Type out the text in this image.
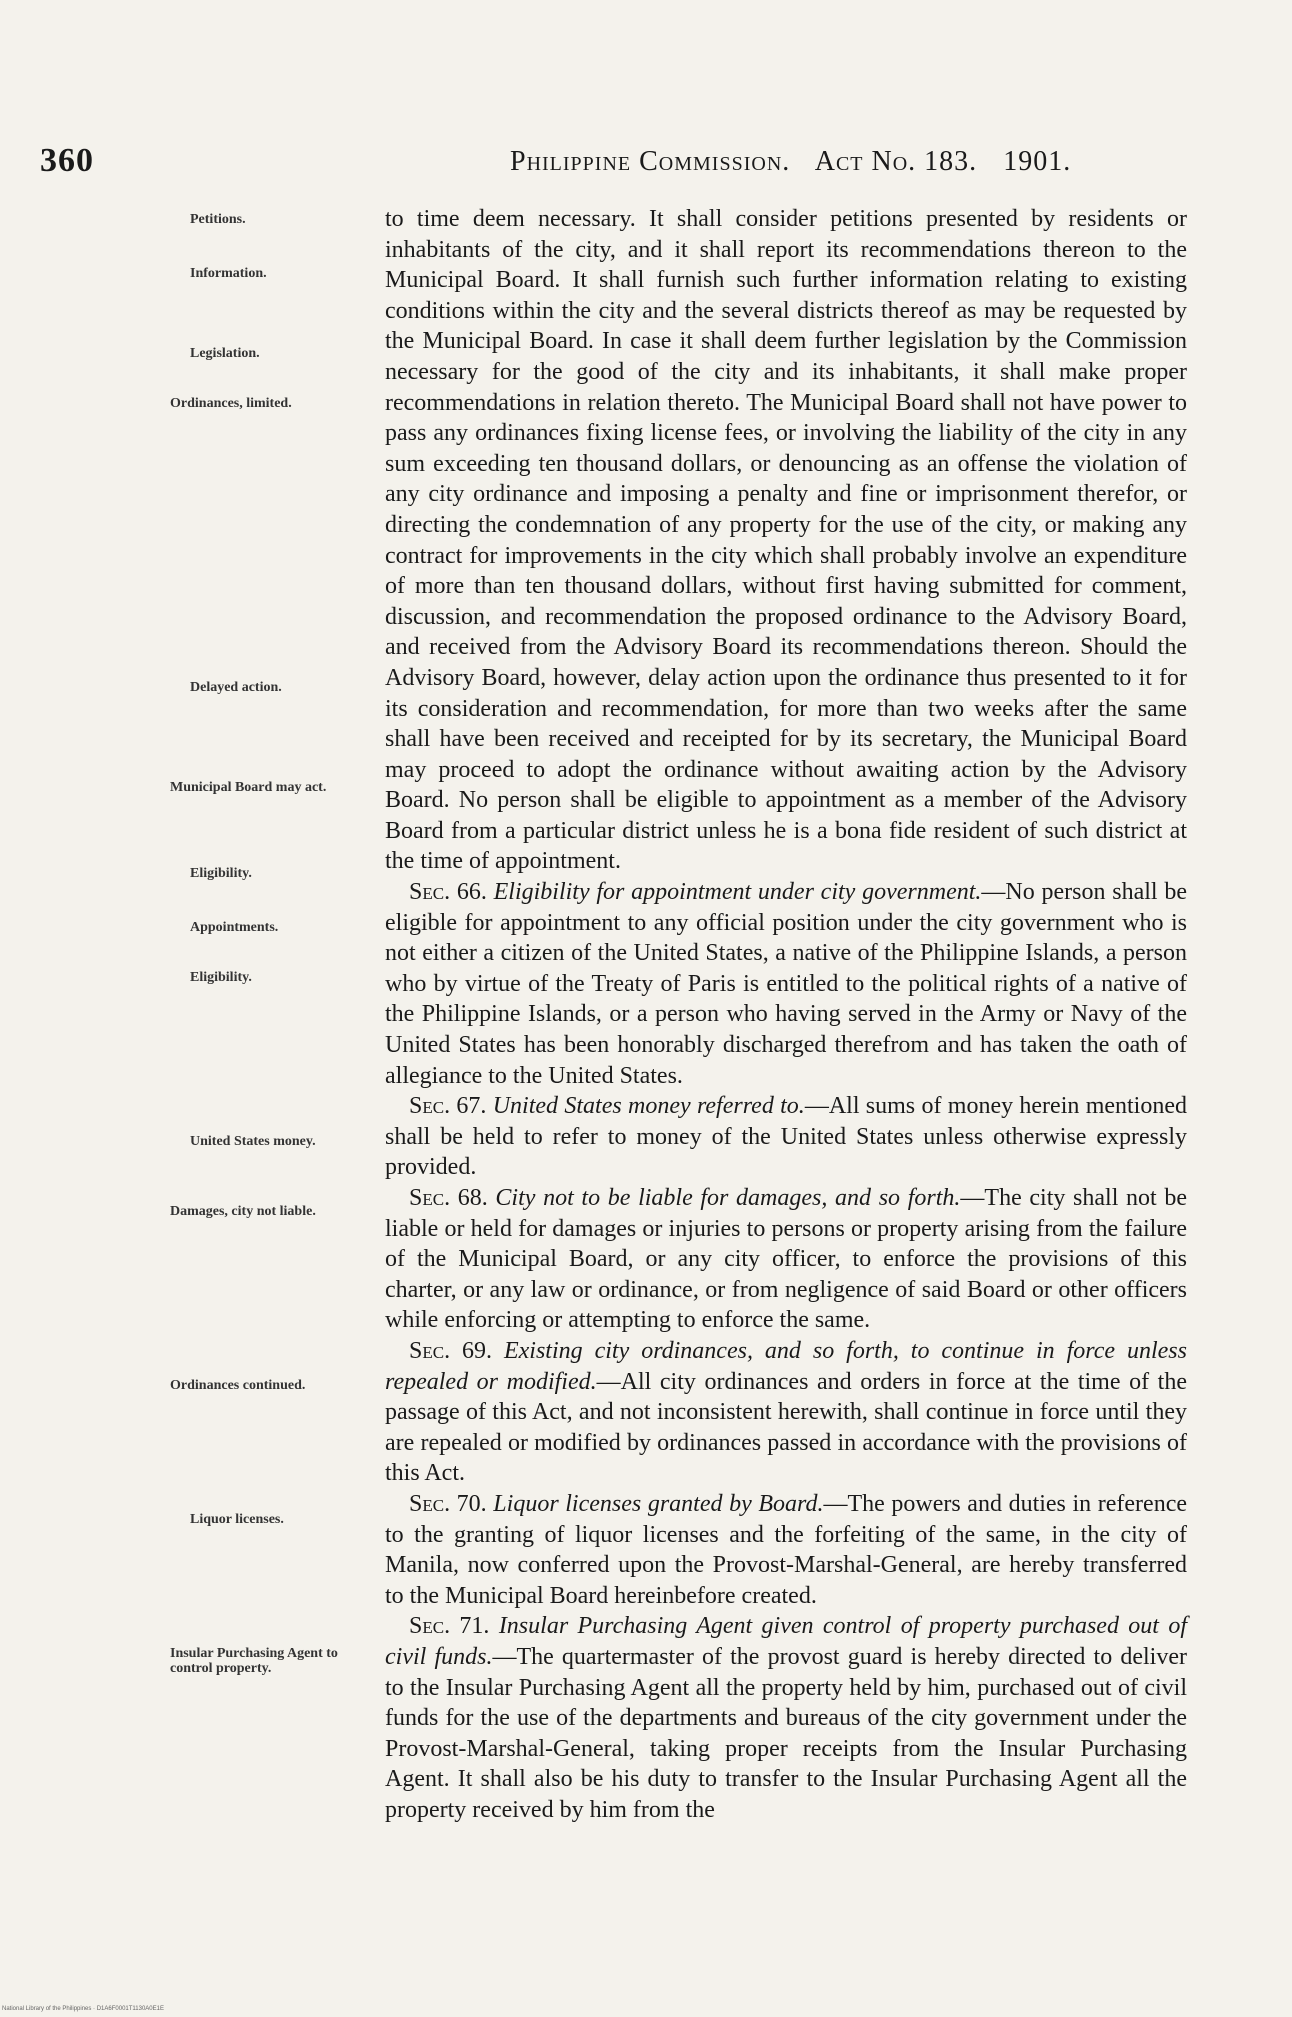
360	Philippine Commission. Act No. 183. 1901.
Petitions.
Information.
Legislation.
Ordinances, limited.
Delayed action.
Municipal Board may act.
Eligibility.
Appointments.
Eligibility.
United States money.
Damages, city not liable.
Ordinances continued.
Liquor licenses.
Insular Purchasing Agent to control property.

to time deem necessary. It shall consider petitions presented by residents or inhabitants of the city, and it shall report its recommendations thereon to the Municipal Board. It shall furnish such further information relating to existing conditions within the city and the several districts thereof as may be requested by the Municipal Board. In case it shall deem further legislation by the Commission necessary for the good of the city and its inhabitants, it shall make proper recommendations in relation thereto. The Municipal Board shall not have power to pass any ordinances fixing license fees, or involving the liability of the city in any sum exceeding ten thousand dollars, or denouncing as an offense the violation of any city ordinance and imposing a penalty and fine or imprisonment therefor, or directing the condemnation of any property for the use of the city, or making any contract for improvements in the city which shall probably involve an expenditure of more than ten thousand dollars, without first having submitted for comment, discussion, and recommendation the proposed ordinance to the Advisory Board, and received from the Advisory Board its recommendations thereon. Should the Advisory Board, however, delay action upon the ordinance thus presented to it for its consideration and recommendation, for more than two weeks after the same shall have been received and receipted for by its secretary, the Municipal Board may proceed to adopt the ordinance without awaiting action by the Advisory Board. No person shall be eligible to appointment as a member of the Advisory Board from a particular district unless he is a bona fide resident of such district at the time of appointment.

Sec. 66. Eligibility for appointment under city government.—No person shall be eligible for appointment to any official position under the city government who is not either a citizen of the United States, a native of the Philippine Islands, a person who by virtue of the Treaty of Paris is entitled to the political rights of a native of the Philippine Islands, or a person who having served in the Army or Navy of the United States has been honorably discharged therefrom and has taken the oath of allegiance to the United States.

Sec. 67. United States money referred to.—All sums of money herein mentioned shall be held to refer to money of the United States unless otherwise expressly provided.

Sec. 68. City not to be liable for damages, and so forth.—The city shall not be liable or held for damages or injuries to persons or property arising from the failure of the Municipal Board, or any city officer, to enforce the provisions of this charter, or any law or ordinance, or from negligence of said Board or other officers while enforcing or attempting to enforce the same.

Sec. 69. Existing city ordinances, and so forth, to continue in force unless repealed or modified.—All city ordinances and orders in force at the time of the passage of this Act, and not inconsistent herewith, shall continue in force until they are repealed or modified by ordinances passed in accordance with the provisions of this Act.

Sec. 70. Liquor licenses granted by Board.—The powers and duties in reference to the granting of liquor licenses and the forfeiting of the same, in the city of Manila, now conferred upon the Provost-Marshal-General, are hereby transferred to the Municipal Board hereinbefore created.

Sec. 71. Insular Purchasing Agent given control of property purchased out of civil funds.—The quartermaster of the provost guard is hereby directed to deliver to the Insular Purchasing Agent all the property held by him, purchased out of civil funds for the use of the departments and bureaus of the city government under the Provost-Marshal-General, taking proper receipts from the Insular Purchasing Agent. It shall also be his duty to transfer to the Insular Purchasing Agent all the property received by him from the

National Library of the Philippines · D1A6F0001T1130A0E1E
